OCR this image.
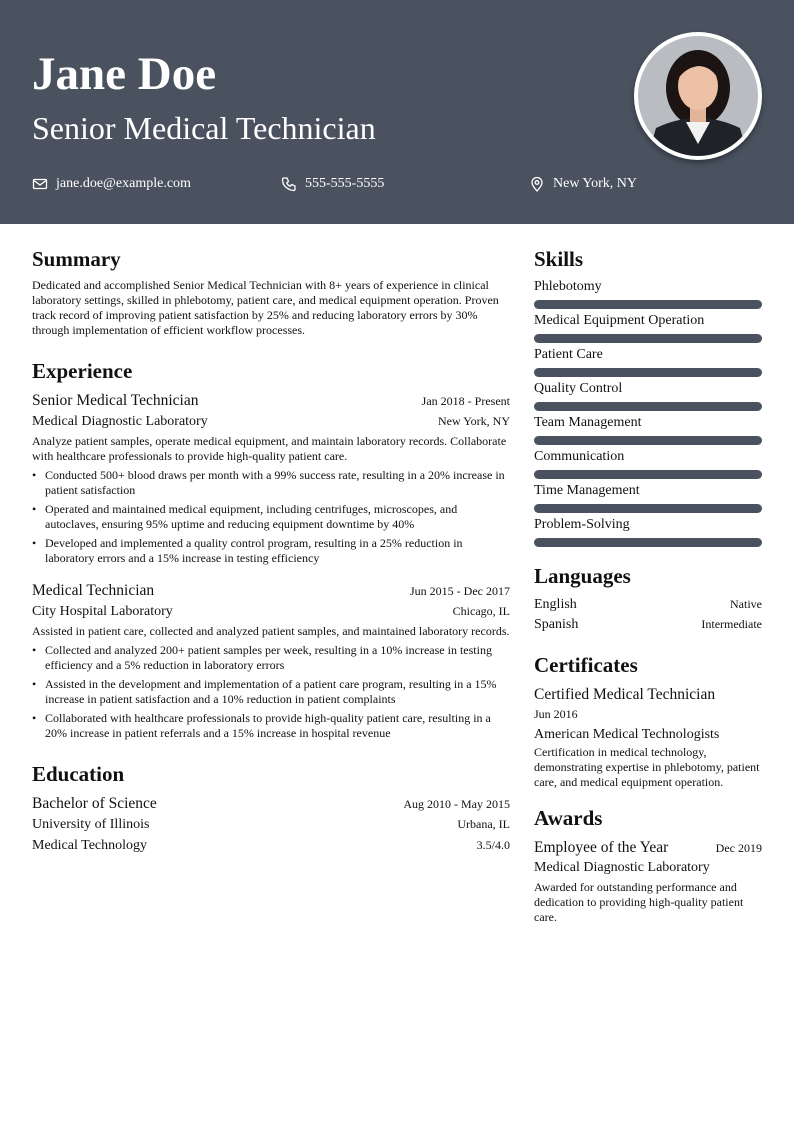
Jane Doe
Senior Medical Technician
jane.doe@example.com	555-555-5555	New York, NY
Summary

Dedicated and accomplished Senior Medical Technician with 8+ years of experience in clinical laboratory settings, skilled in phlebotomy, patient care, and medical equipment operation. Proven track record of improving patient satisfaction by 25% and reducing laboratory errors by 30% through implementation of efficient workflow processes.

Experience
Senior Medical Technician	Jan 2018 - Present
Medical Diagnostic Laboratory	New York, NY

Analyze patient samples, operate medical equipment, and maintain laboratory records. Collaborate with healthcare professionals to provide high-quality patient care.

• Conducted 500+ blood draws per month with a 99% success rate, resulting in a 20% increase in patient satisfaction
• Operated and maintained medical equipment, including centrifuges, microscopes, and autoclaves, ensuring 95% uptime and reducing equipment downtime by 40%
• Developed and implemented a quality control program, resulting in a 25% reduction in laboratory errors and a 15% increase in testing efficiency
Medical Technician	Jun 2015 - Dec 2017
City Hospital Laboratory	Chicago, IL

Assisted in patient care, collected and analyzed patient samples, and maintained laboratory records.

• Collected and analyzed 200+ patient samples per week, resulting in a 10% increase in testing efficiency and a 5% reduction in laboratory errors
• Assisted in the development and implementation of a patient care program, resulting in a 15% increase in patient satisfaction and a 10% reduction in patient complaints
• Collaborated with healthcare professionals to provide high-quality patient care, resulting in a 20% increase in patient referrals and a 15% increase in hospital revenue
Education
Bachelor of Science	Aug 2010 - May 2015
University of Illinois	Urbana, IL
Medical Technology	3.5/4.0
Skills
Phlebotomy
Medical Equipment Operation
Patient Care
Quality Control
Team Management
Communication
Time Management
Problem-Solving
Languages
English	Native
Spanish	Intermediate
Certificates
Certified Medical Technician
Jun 2016
American Medical Technologists

Certification in medical technology, demonstrating expertise in phlebotomy, patient care, and medical equipment operation.

Awards
Employee of the Year	Dec 2019
Medical Diagnostic Laboratory

Awarded for outstanding performance and dedication to providing high-quality patient care.
